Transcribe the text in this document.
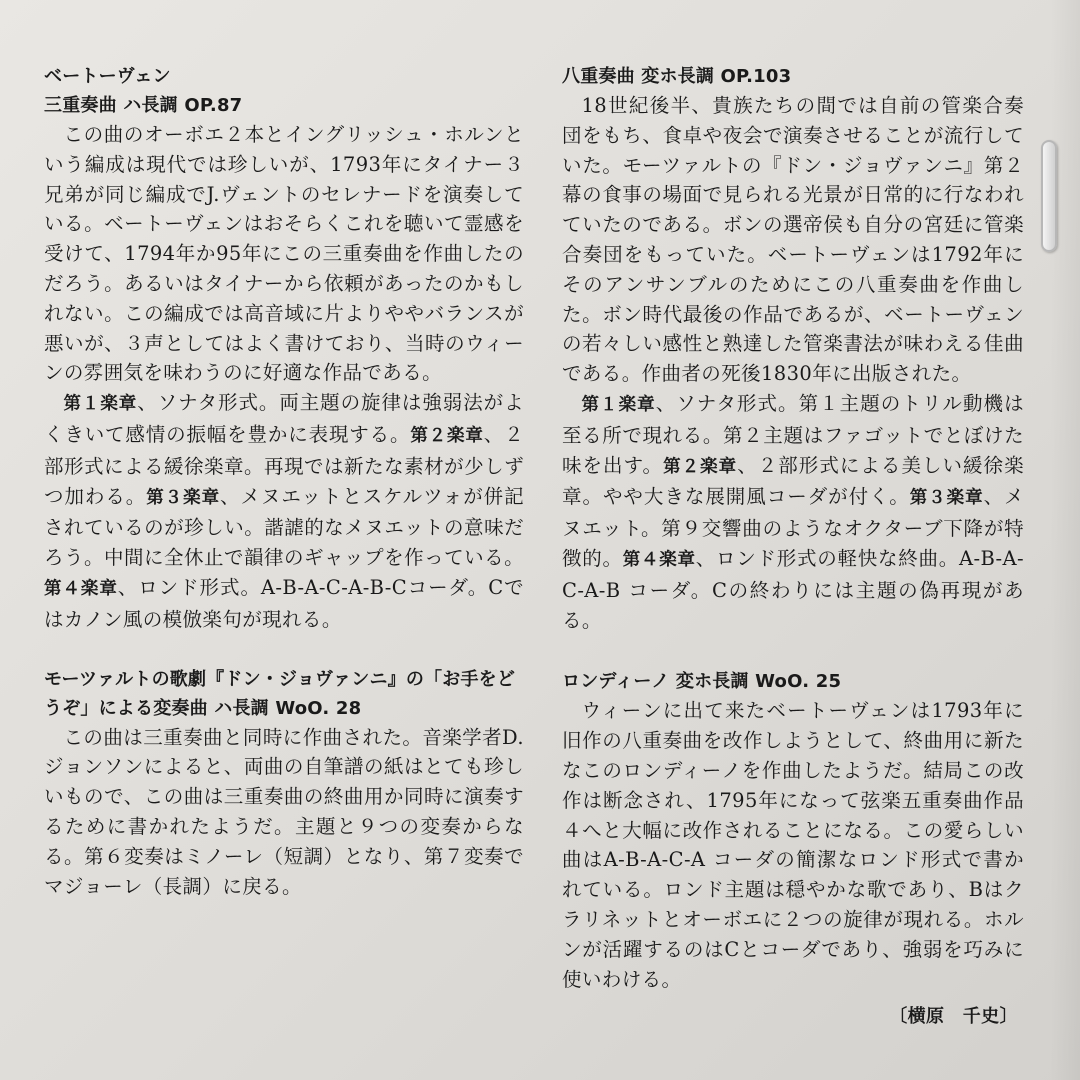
ベートーヴェン
三重奏曲 ハ長調 OP.87

この曲のオーボエ２本とイングリッシュ・ホルンという編成は現代では珍しいが、1793年にタイナー３兄弟が同じ編成でJ.ヴェントのセレナードを演奏している。ベートーヴェンはおそらくこれを聴いて霊感を受けて、1794年か95年にこの三重奏曲を作曲したのだろう。あるいはタイナーから依頼があったのかもしれない。この編成では高音域に片よりややバランスが悪いが、３声としてはよく書けており、当時のウィーンの雰囲気を味わうのに好適な作品である。

第１楽章、ソナタ形式。両主題の旋律は強弱法がよくきいて感情の振幅を豊かに表現する。第２楽章、２部形式による緩徐楽章。再現では新たな素材が少しずつ加わる。第３楽章、メヌエットとスケルツォが併記されているのが珍しい。諧謔的なメヌエットの意味だろう。中間に全休止で韻律のギャップを作っている。第４楽章、ロンド形式。A-B-A-C-A-B-Cコーダ。Cではカノン風の模倣楽句が現れる。

モーツァルトの歌劇『ドン・ジョヴァンニ』の「お手をどうぞ」による変奏曲 ハ長調 WoO. 28

この曲は三重奏曲と同時に作曲された。音楽学者D.ジョンソンによると、両曲の自筆譜の紙はとても珍しいもので、この曲は三重奏曲の終曲用か同時に演奏するために書かれたようだ。主題と９つの変奏からなる。第６変奏はミノーレ（短調）となり、第７変奏でマジョーレ（長調）に戻る。

八重奏曲 変ホ長調 OP.103

18世紀後半、貴族たちの間では自前の管楽合奏団をもち、食卓や夜会で演奏させることが流行していた。モーツァルトの『ドン・ジョヴァンニ』第２幕の食事の場面で見られる光景が日常的に行なわれていたのである。ボンの選帝侯も自分の宮廷に管楽合奏団をもっていた。ベートーヴェンは1792年にそのアンサンブルのためにこの八重奏曲を作曲した。ボン時代最後の作品であるが、ベートーヴェンの若々しい感性と熟達した管楽書法が味わえる佳曲である。作曲者の死後1830年に出版された。

第１楽章、ソナタ形式。第１主題のトリル動機は至る所で現れる。第２主題はファゴットでとぼけた味を出す。第２楽章、２部形式による美しい緩徐楽章。やや大きな展開風コーダが付く。第３楽章、メヌエット。第９交響曲のようなオクターブ下降が特徴的。第４楽章、ロンド形式の軽快な終曲。A-B-A-C-A-B コーダ。Cの終わりには主題の偽再現がある。

ロンディーノ 変ホ長調 WoO. 25

ウィーンに出て来たベートーヴェンは1793年に旧作の八重奏曲を改作しようとして、終曲用に新たなこのロンディーノを作曲したようだ。結局この改作は断念され、1795年になって弦楽五重奏曲作品４へと大幅に改作されることになる。この愛らしい曲はA-B-A-C-A コーダの簡潔なロンド形式で書かれている。ロンド主題は穏やかな歌であり、Bはクラリネットとオーボエに２つの旋律が現れる。ホルンが活躍するのはCとコーダであり、強弱を巧みに使いわける。

〔横原　千史〕
